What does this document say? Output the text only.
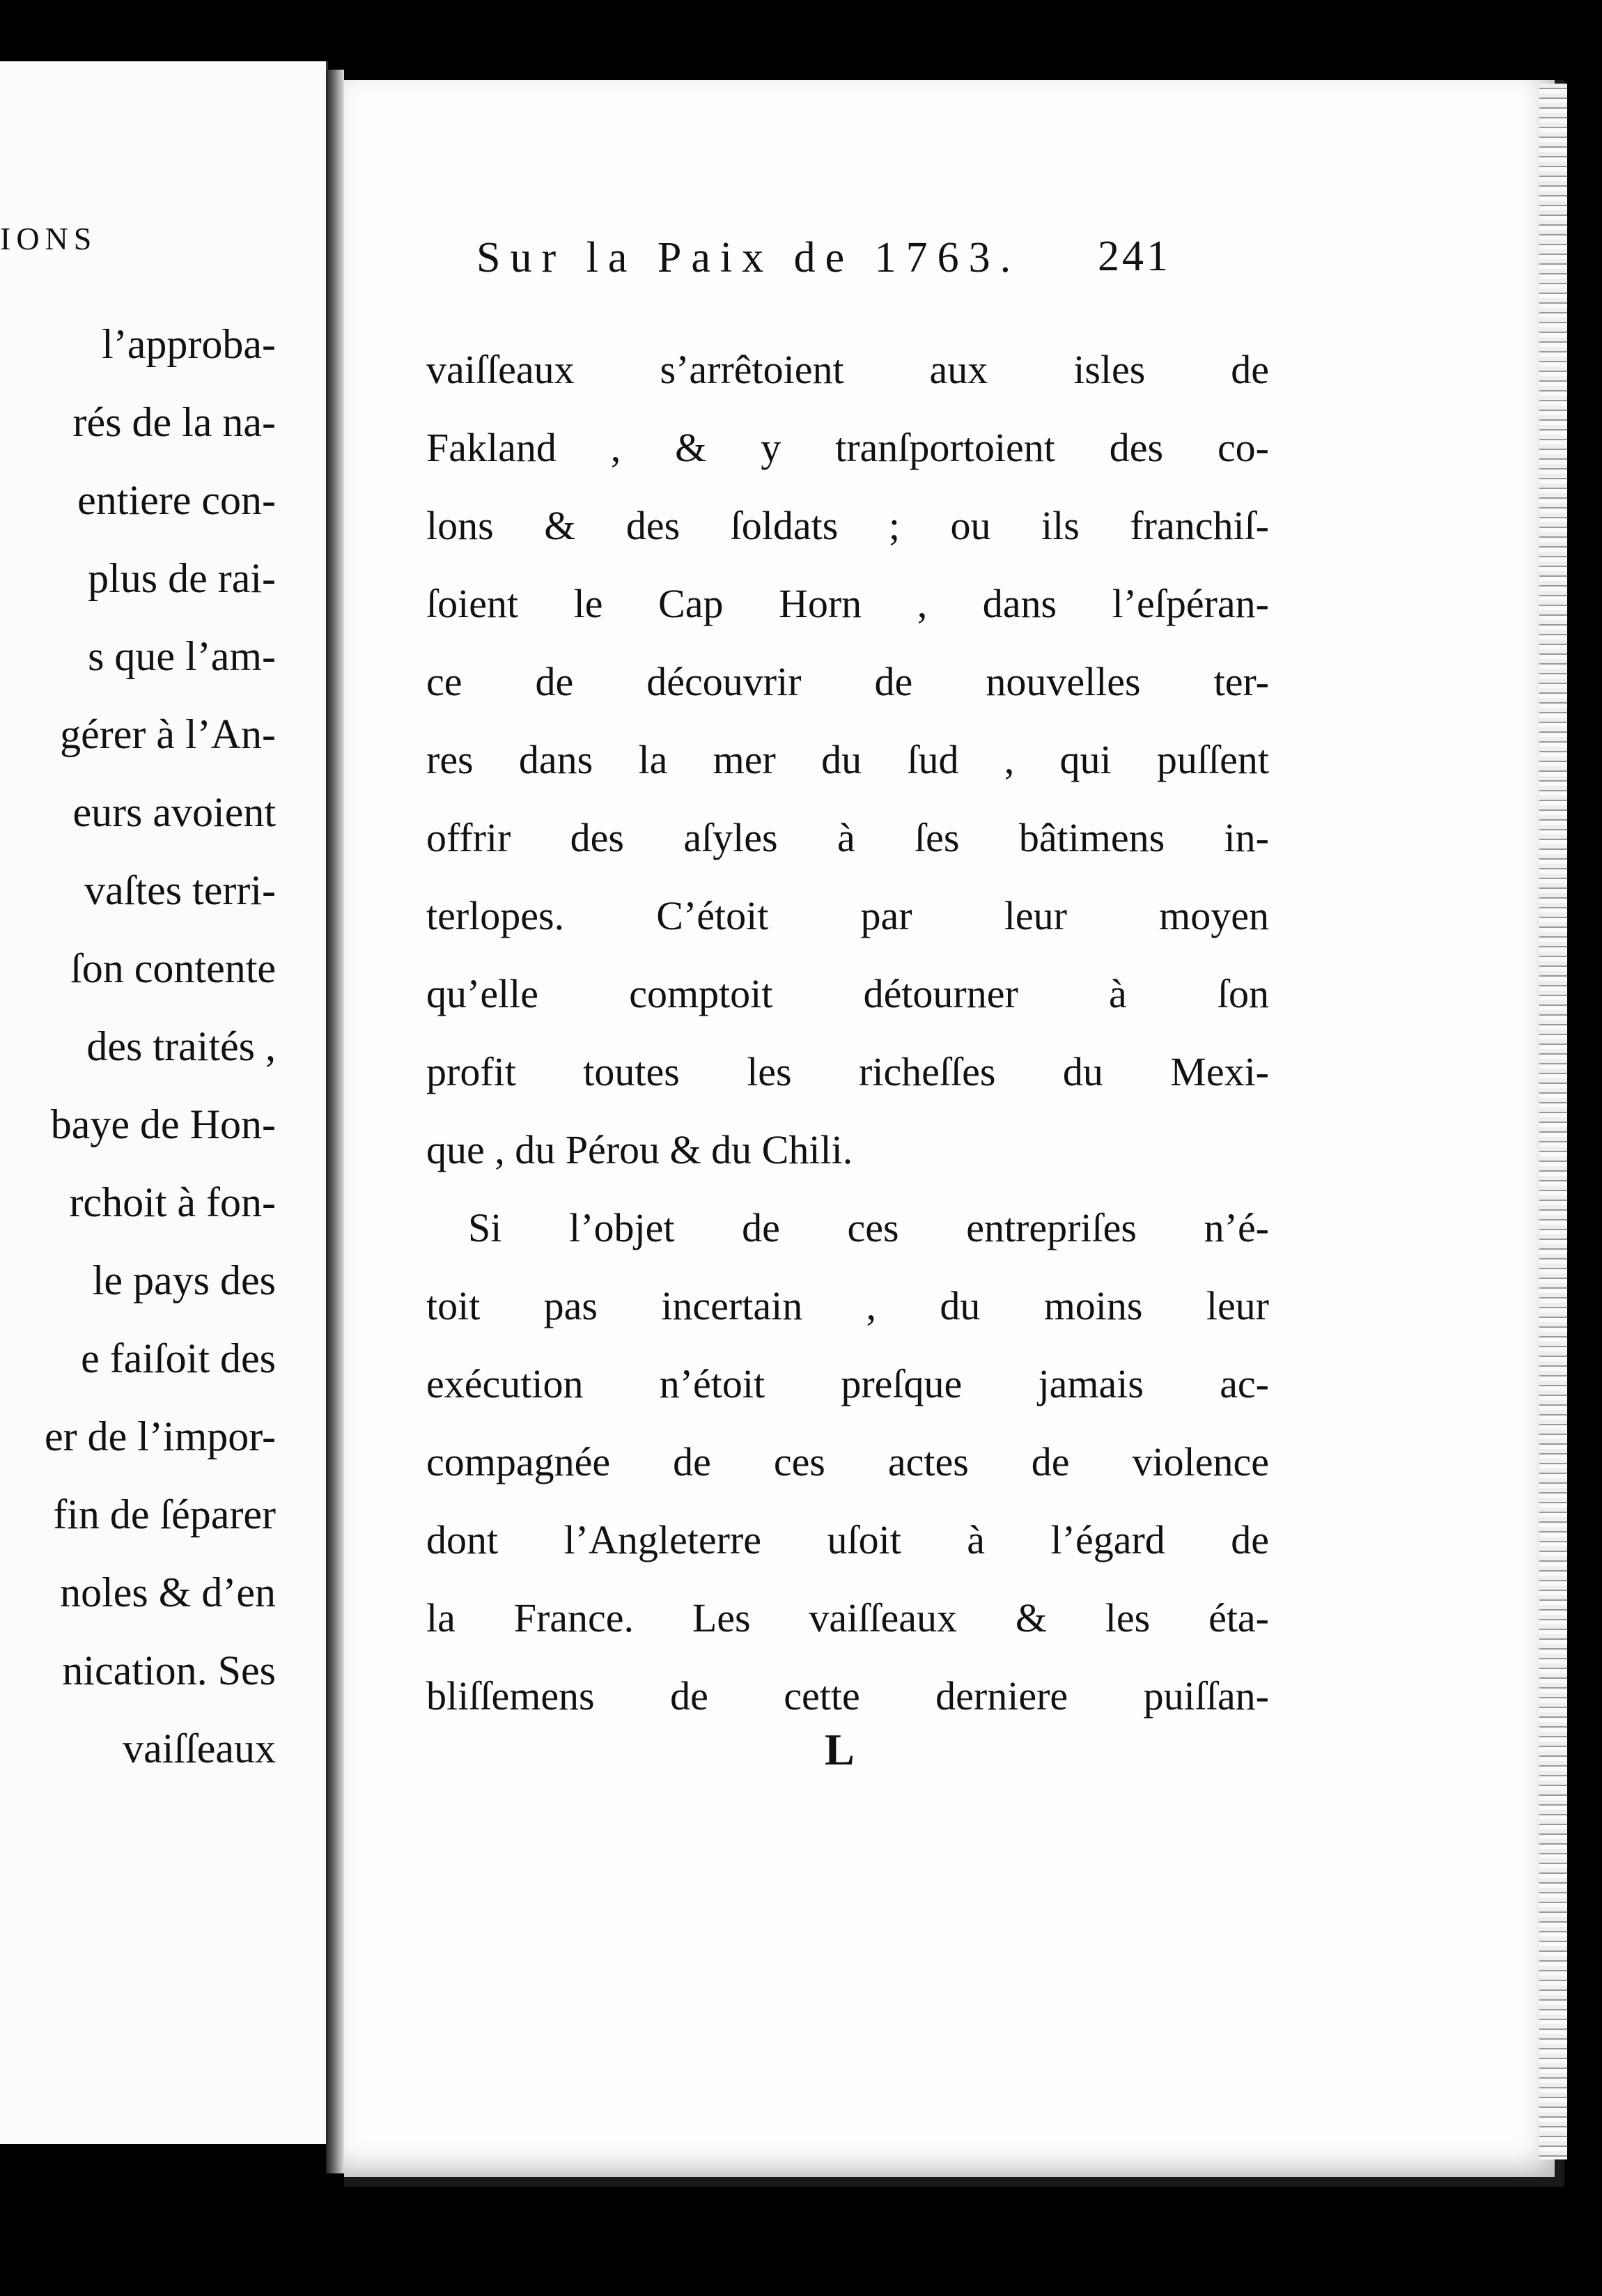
IONS
l’approba-
rés de la na-
entiere con-
plus de rai-
s que l’am-
gérer à l’An-
eurs avoient
vaſtes terri-
ſon contente
des traités ,
baye de Hon-
rchoit à fon-
le pays des
e faiſoit des
er de l’impor-
fin de ſéparer
noles & d’en
nication. Ses
vaiſſeaux
Sur la Paix de 1763.	241
vaiſſeaux s’arrêtoient aux isles de
Fakland , & y tranſportoient des co-
lons & des ſoldats ; ou ils franchiſ-
ſoient le Cap Horn , dans l’eſpéran-
ce de découvrir de nouvelles ter-
res dans la mer du ſud , qui puſſent
offrir des aſyles à ſes bâtimens in-
terlopes. C’étoit par leur moyen
qu’elle comptoit détourner à ſon
profit toutes les richeſſes du Mexi-
que , du Pérou & du Chili.
Si l’objet de ces entrepriſes n’é-
toit pas incertain , du moins leur
exécution n’étoit preſque jamais ac-
compagnée de ces actes de violence
dont l’Angleterre uſoit à l’égard de
la France. Les vaiſſeaux & les éta-
bliſſemens de cette derniere puiſſan-
L
